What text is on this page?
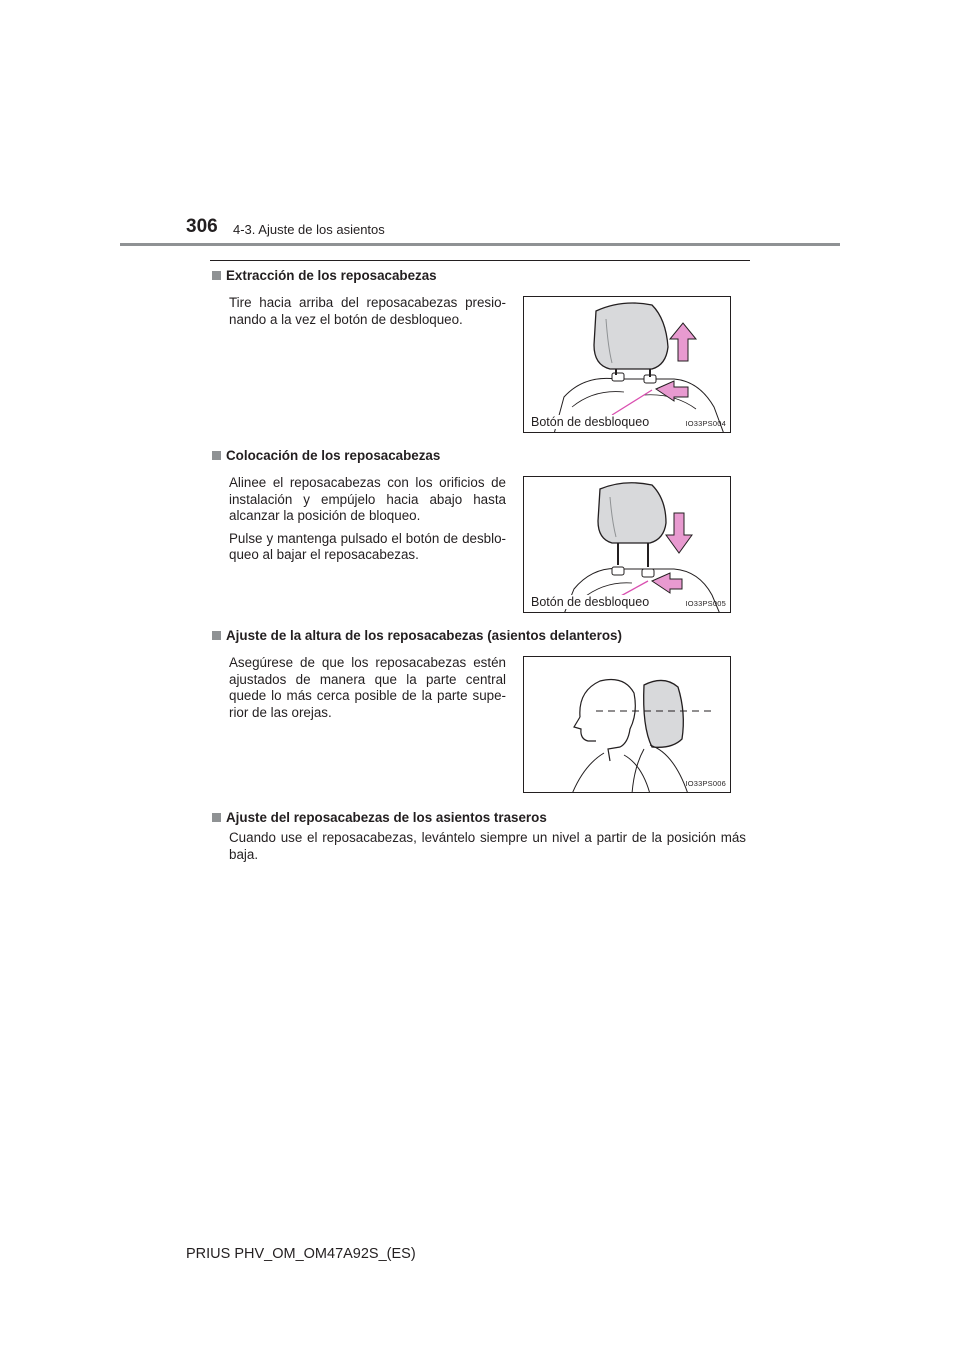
306 4-3. Ajuste de los asientos
Extracción de los reposacabezas
Tire hacia arriba del reposacabezas presio-nando a la vez el botón de desbloqueo.
Botón de desbloqueo	IO33PS004
Colocación de los reposacabezas
Alinee el reposacabezas con los orificios de instalación y empújelo hacia abajo hasta alcanzar la posición de bloqueo.
Pulse y mantenga pulsado el botón de desblo-queo al bajar el reposacabezas.
Botón de desbloqueo	IO33PS005
Ajuste de la altura de los reposacabezas (asientos delanteros)
Asegúrese de que los reposacabezas estén ajustados de manera que la parte central quede lo más cerca posible de la parte supe-rior de las orejas.
IO33PS006
Ajuste del reposacabezas de los asientos traseros
Cuando use el reposacabezas, levántelo siempre un nivel a partir de la posición más baja.
PRIUS PHV_OM_OM47A92S_(ES)
